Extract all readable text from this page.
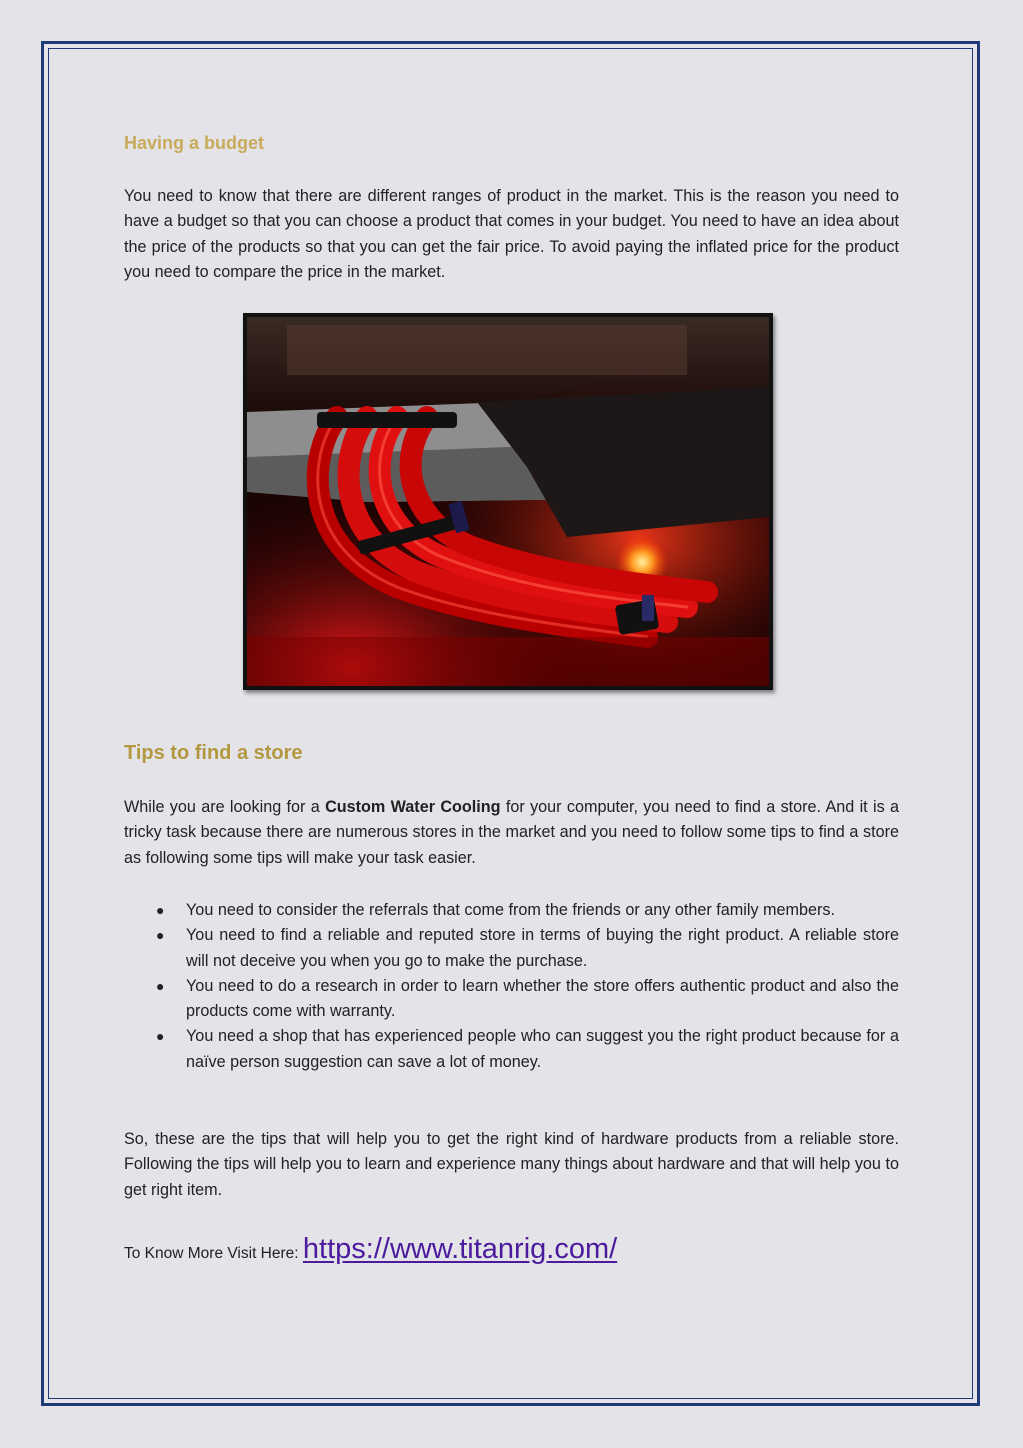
Having a budget

You need to know that there are different ranges of product in the market. This is the reason you need to have a budget so that you can choose a product that comes in your budget. You need to have an idea about the price of the products so that you can get the fair price. To avoid paying the inflated price for the product you need to compare the price in the market.

Tips to find a store

While you are looking for a Custom Water Cooling for your computer, you need to find a store. And it is a tricky task because there are numerous stores in the market and you need to follow some tips to find a store as following some tips will make your task easier.

● You need to consider the referrals that come from the friends or any other family members.
● You need to find a reliable and reputed store in terms of buying the right product. A reliable store will not deceive you when you go to make the purchase.
● You need to do a research in order to learn whether the store offers authentic product and also the products come with warranty.
● You need a shop that has experienced people who can suggest you the right product because for a naïve person suggestion can save a lot of money.

So, these are the tips that will help you to get the right kind of hardware products from a reliable store. Following the tips will help you to learn and experience many things about hardware and that will help you to get right item.

To Know More Visit Here: https://www.titanrig.com/
